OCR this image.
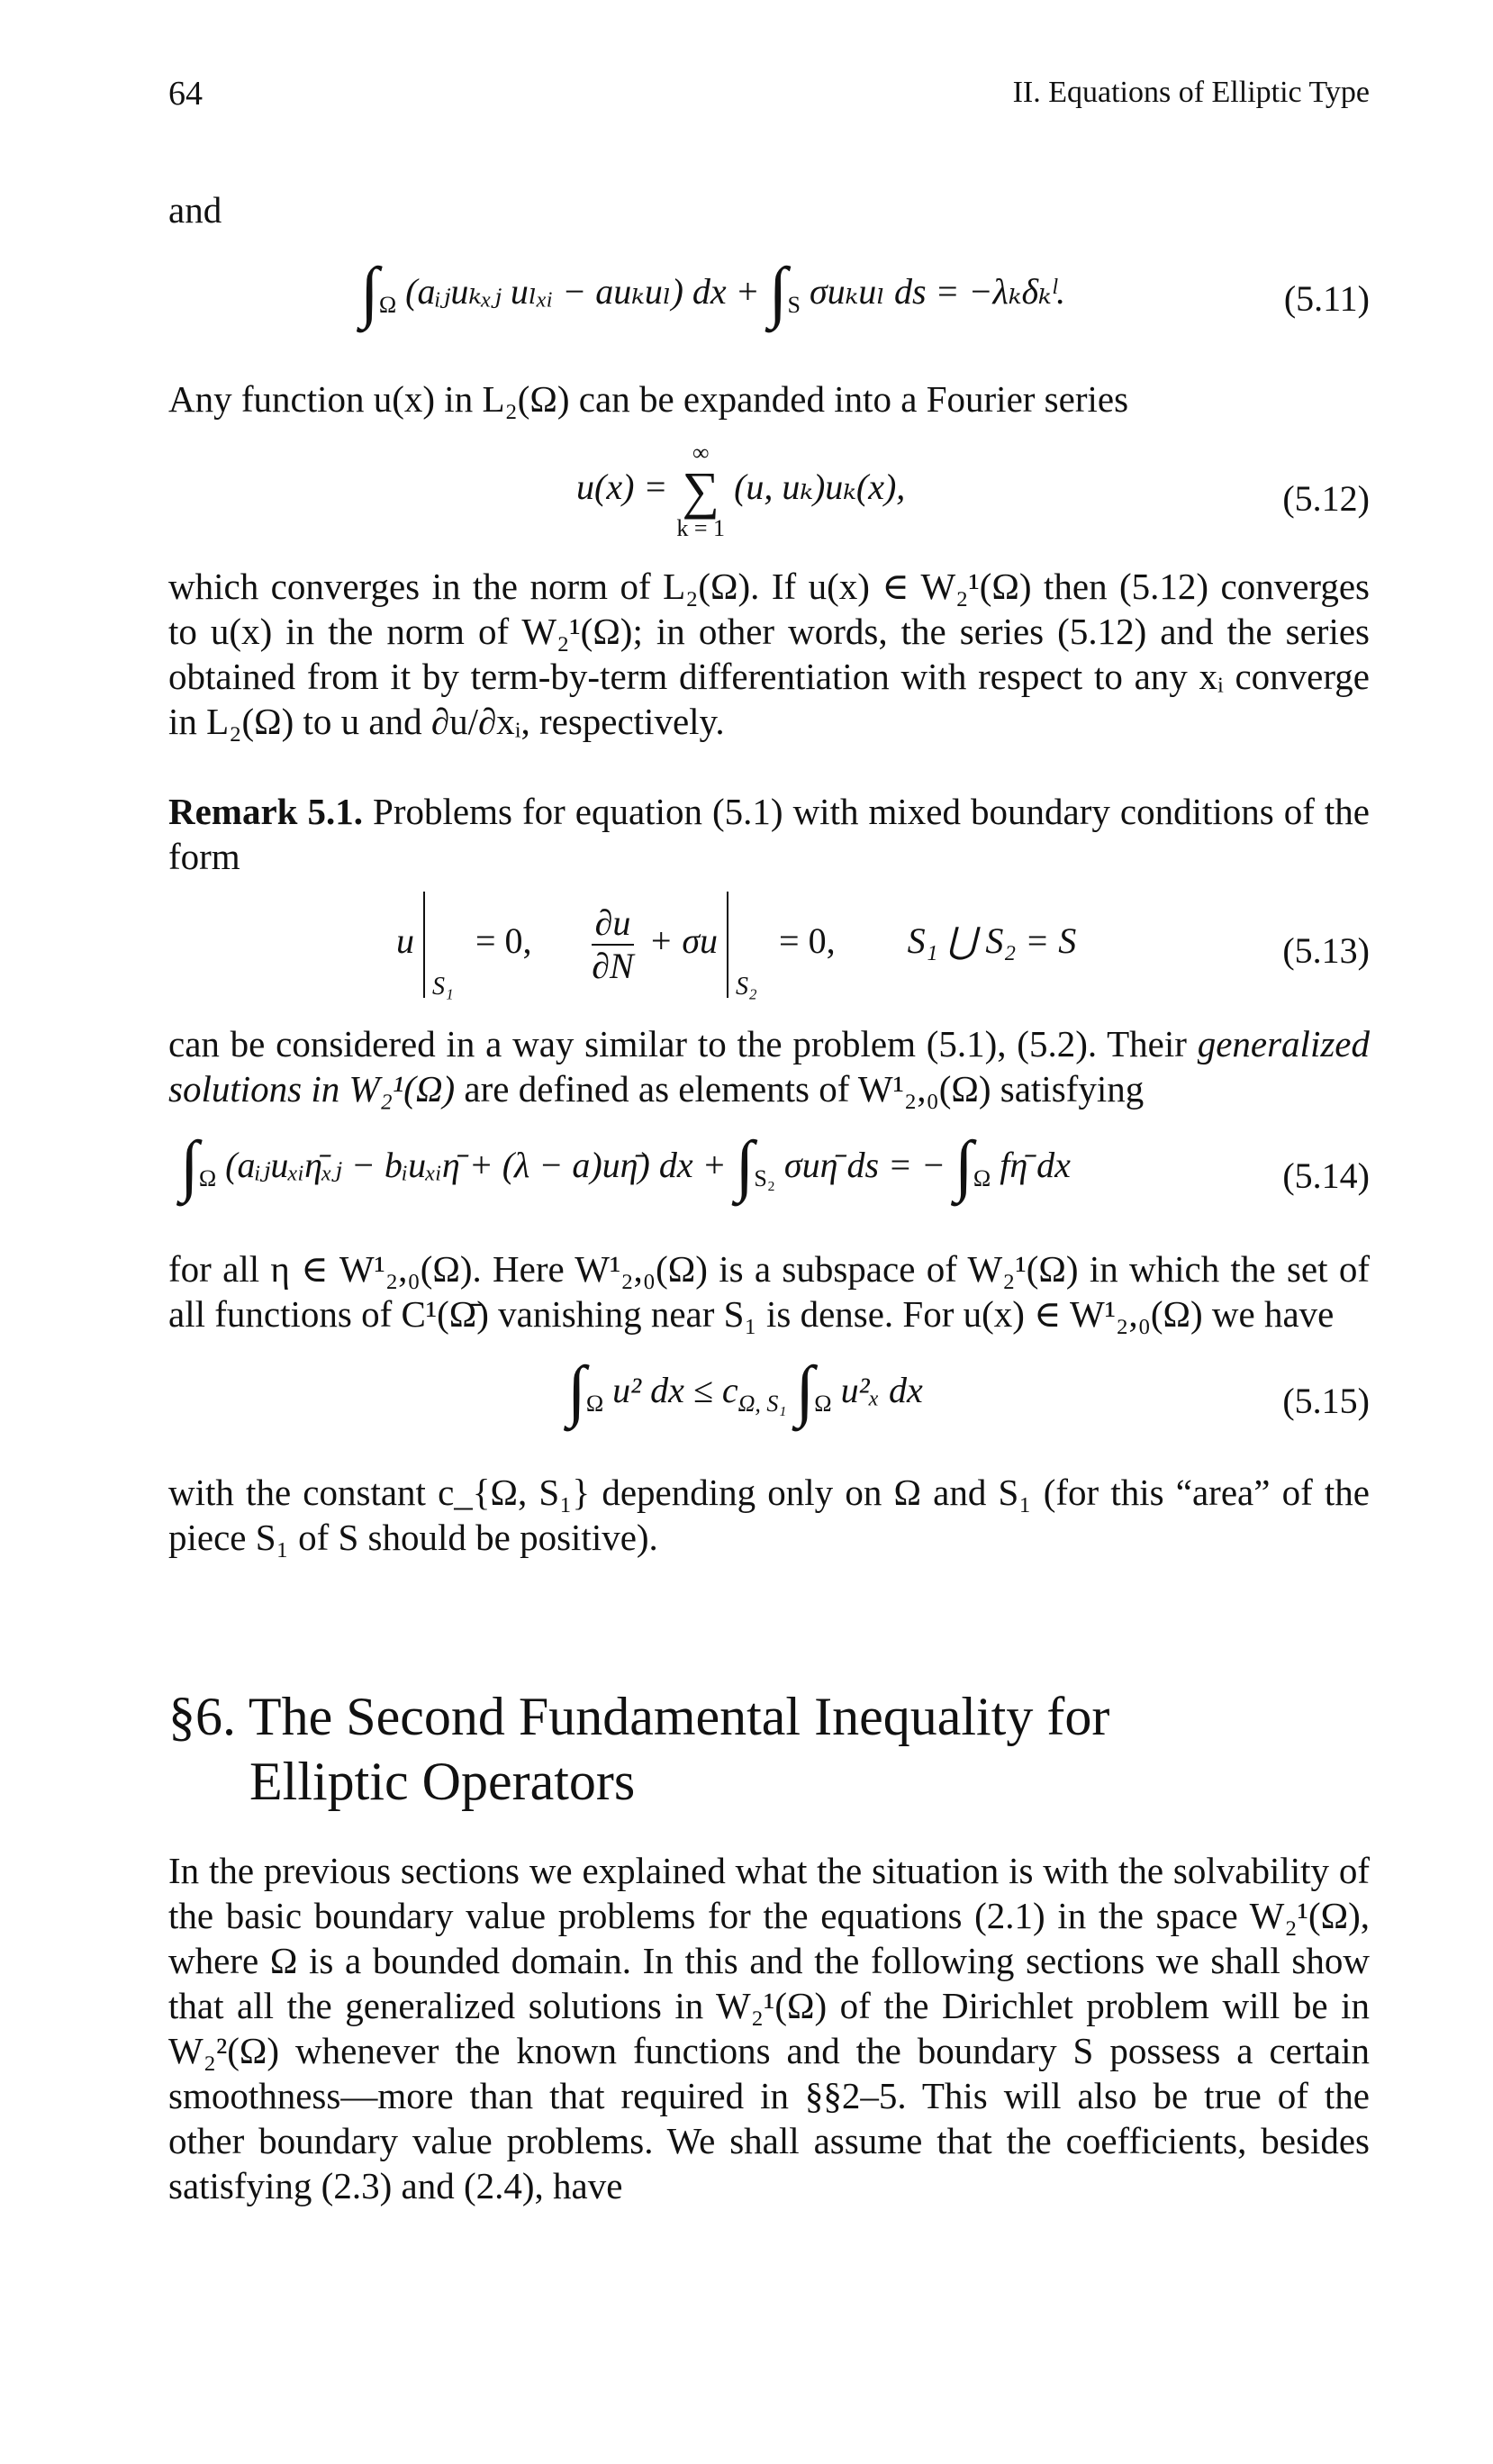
64	II. Equations of Elliptic Type
and
$\int_\Omega$ (aᵢⱼuₖₓⱼ uₗₓᵢ − auₖuₗ) dx + $\int_S$ σuₖuₗ ds = −λₖδₖˡ.	(5.11)
Any function u(x) in L₂(Ω) can be expanded into a Fourier series
u(x) =
∞
∑
k = 1
(u, uₖ)uₖ(x),	(5.12)
which converges in the norm of L₂(Ω). If u(x) ∈ W₂¹(Ω) then (5.12) converges to u(x) in the norm of W₂¹(Ω); in other words, the series (5.12) and the series obtained from it by term-by-term differentiation with respect to any xᵢ converge in L₂(Ω) to u and ∂u/∂xᵢ, respectively.
Remark 5.1. Problems for equation (5.1) with mixed boundary conditions of the form
u
S₁
= 0, $\frac{\partial u}{\partial N} + \sigma u$
S₂
= 0, S₁ ⋃ S₂ = S	(5.13)
can be considered in a way similar to the problem (5.1), (5.2). Their generalized solutions in W₂¹(Ω) are defined as elements of W¹₂,₀(Ω) satisfying
$\int_\Omega$ (aᵢⱼuₓᵢη̄ₓⱼ − bᵢuₓᵢη̄ + (λ − a)uη̄) dx + $\int_{S_2}$ σuη̄ ds = − $\int_\Omega$ fη̄ dx	(5.14)
for all η ∈ W¹₂,₀(Ω). Here W¹₂,₀(Ω) is a subspace of W₂¹(Ω) in which the set of all functions of C¹(Ω̄) vanishing near S₁ is dense. For u(x) ∈ W¹₂,₀(Ω) we have
$\int_\Omega$ u² dx ≤ $c_{\Omega, S_1}$ $\int_\Omega$ u²ₓ dx	(5.15)
with the constant c_{Ω, S₁} depending only on Ω and S₁ (for this “area” of the piece S₁ of S should be positive).
§6. The Second Fundamental Inequality for
Elliptic Operators
In the previous sections we explained what the situation is with the solvability of the basic boundary value problems for the equations (2.1) in the space W₂¹(Ω), where Ω is a bounded domain. In this and the following sections we shall show that all the generalized solutions in W₂¹(Ω) of the Dirichlet problem will be in W₂²(Ω) whenever the known functions and the boundary S possess a certain smoothness—more than that required in §§2–5. This will also be true of the other boundary value problems. We shall assume that the coefficients, besides satisfying (2.3) and (2.4), have
